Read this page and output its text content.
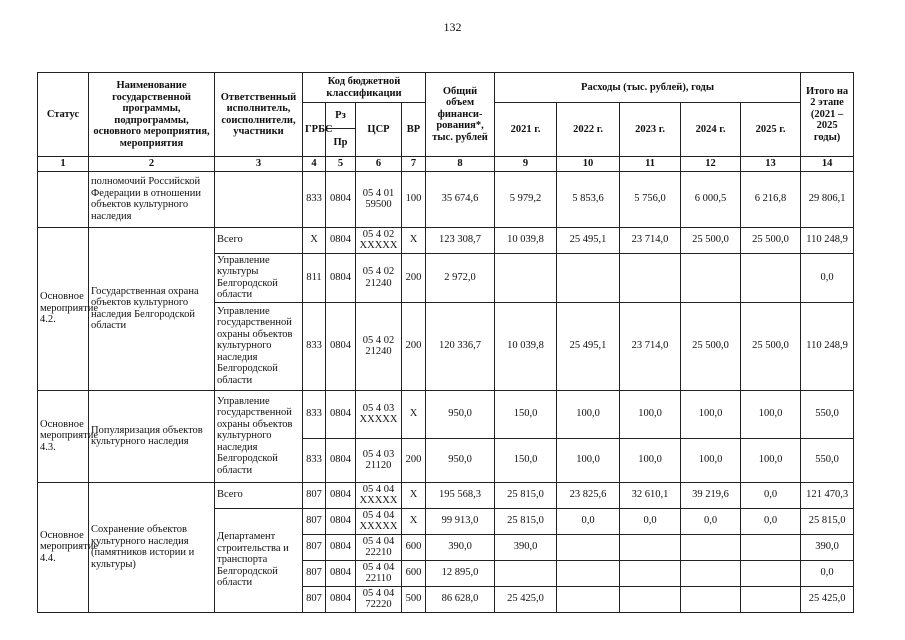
132
Статус	Наименование государственной программы, подпрограммы, основного мероприятия, мероприятия	Ответственный исполнитель, соисполнители, участники	Код бюджетной классификации				Общий объем финанси-рования*, тыс. рублей	Расходы (тыс. рублей), годы					Итого на 2 этапе (2021 – 2025 годы)
			ГРБС	Рз	ЦСР	ВР		2021 г.	2022 г.	2023 г.	2024 г.	2025 г.	
				Пр									
1	2	3	4	5	6	7	8	9	10	11	12	13	14
	полномочий Российской Федерации в отношении объектов культурного наследия		833	0804	05 4 01 59500	100	35 674,6	5 979,2	5 853,6	5 756,0	6 000,5	6 216,8	29 806,1
Основное мероприятие 4.2.	Государственная охрана объектов культурного наследия Белгородской области	Всего	Х	0804	05 4 02 ХХХХХ	Х	123 308,7	10 039,8	25 495,1	23 714,0	25 500,0	25 500,0	110 248,9
		Управление культуры Белгородской области	811	0804	05 4 02 21240	200	2 972,0						0,0
		Управление государственной охраны объектов культурного наследия Белгородской области	833	0804	05 4 02 21240	200	120 336,7	10 039,8	25 495,1	23 714,0	25 500,0	25 500,0	110 248,9
Основное мероприятие 4.3.	Популяризация объектов культурного наследия	Управление государственной охраны объектов культурного наследия Белгородской области	833	0804	05 4 03 ХХХХХ	Х	950,0	150,0	100,0	100,0	100,0	100,0	550,0
			833	0804	05 4 03 21120	200	950,0	150,0	100,0	100,0	100,0	100,0	550,0
Основное мероприятие 4.4.	Сохранение объектов культурного наследия (памятников истории и культуры)	Всего	807	0804	05 4 04 ХХХХХ	Х	195 568,3	25 815,0	23 825,6	32 610,1	39 219,6	0,0	121 470,3
		Департамент строительства и транспорта Белгородской области	807	0804	05 4 04 ХХХХХ	Х	99 913,0	25 815,0	0,0	0,0	0,0	0,0	25 815,0
			807	0804	05 4 04 22210	600	390,0	390,0					390,0
			807	0804	05 4 04 22110	600	12 895,0						0,0
			807	0804	05 4 04 72220	500	86 628,0	25 425,0					25 425,0
